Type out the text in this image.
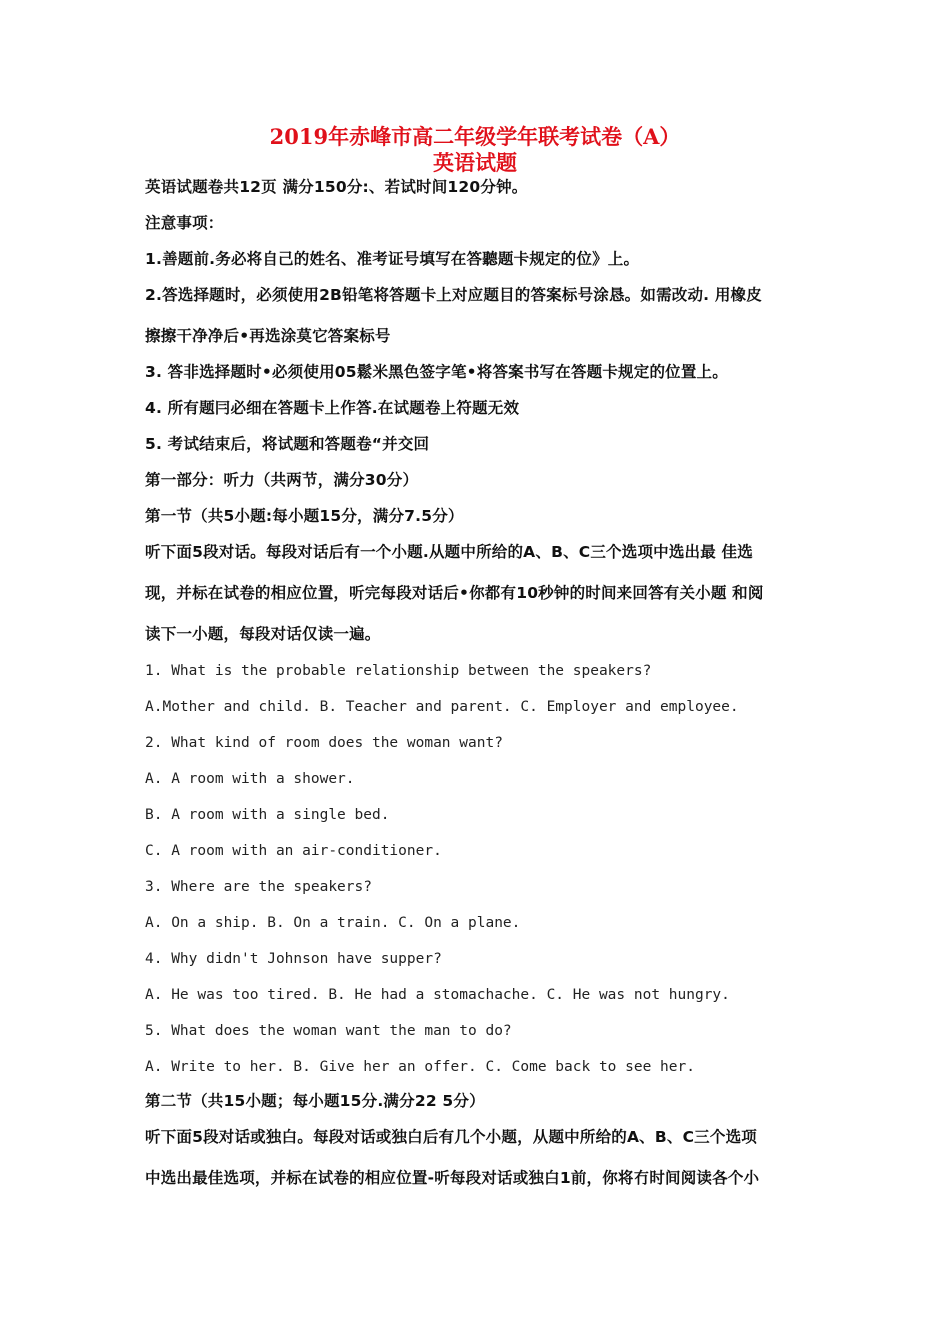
2019年赤峰市高二年级学年联考试卷（A）
英语试题
英语试题卷共12页 满分150分:、若试时间120分钟。
注意事项：
1.善题前.务必将自己的姓名、准考证号填写在答聽题卡规定的位》上。
2.答选择题时，必须使用2B铅笔将答题卡上对应题目的答案标号涂恳。如需改动. 用橡皮
擦擦干净净后•再选涂莫它答案标号
3. 答非选择题时•必须使用05鬆米黑色签字笔•将答案书写在答题卡规定的位置上。
4. 所有题冃必细在答题卡上作答.在试题卷上符题无效
5. 考试结束后，将试题和答题卷“并交回
第一部分：听力（共两节，满分30分）
第一节（共5小题:每小题15分，满分7.5分）
听下面5段对话。每段对话后有一个小题.从题中所给的A、B、C三个选项中选出最 佳选
现，并标在试卷的相应位置，听完每段对话后•你都有10秒钟的时间来回答有关小题 和阅
读下一小题，每段对话仅读一遍。
1. What is the probable relationship between the speakers?
A.Mother and child. B. Teacher and parent. C. Employer and employee.
2. What kind of room does the woman want?
A. A room with a shower.
B. A room with a single bed.
C. A room with an air-conditioner.
3. Where are the speakers?
A. On a ship. B. On a train. C. On a plane.
4. Why didn't Johnson have supper?
A. He was too tired. B. He had a stomachache. C. He was not hungry.
5. What does the woman want the man to do?
A. Write to her. B. Give her an offer. C. Come back to see her.
第二节（共15小题；每小题15分.满分22 5分）
听下面5段对话或独白。每段对话或独白后有几个小题，从题中所给的A、B、C三个选项
中选出最佳选项，并标在试卷的相应位置-听每段对话或独白1前，你将冇时间阅读各个小
